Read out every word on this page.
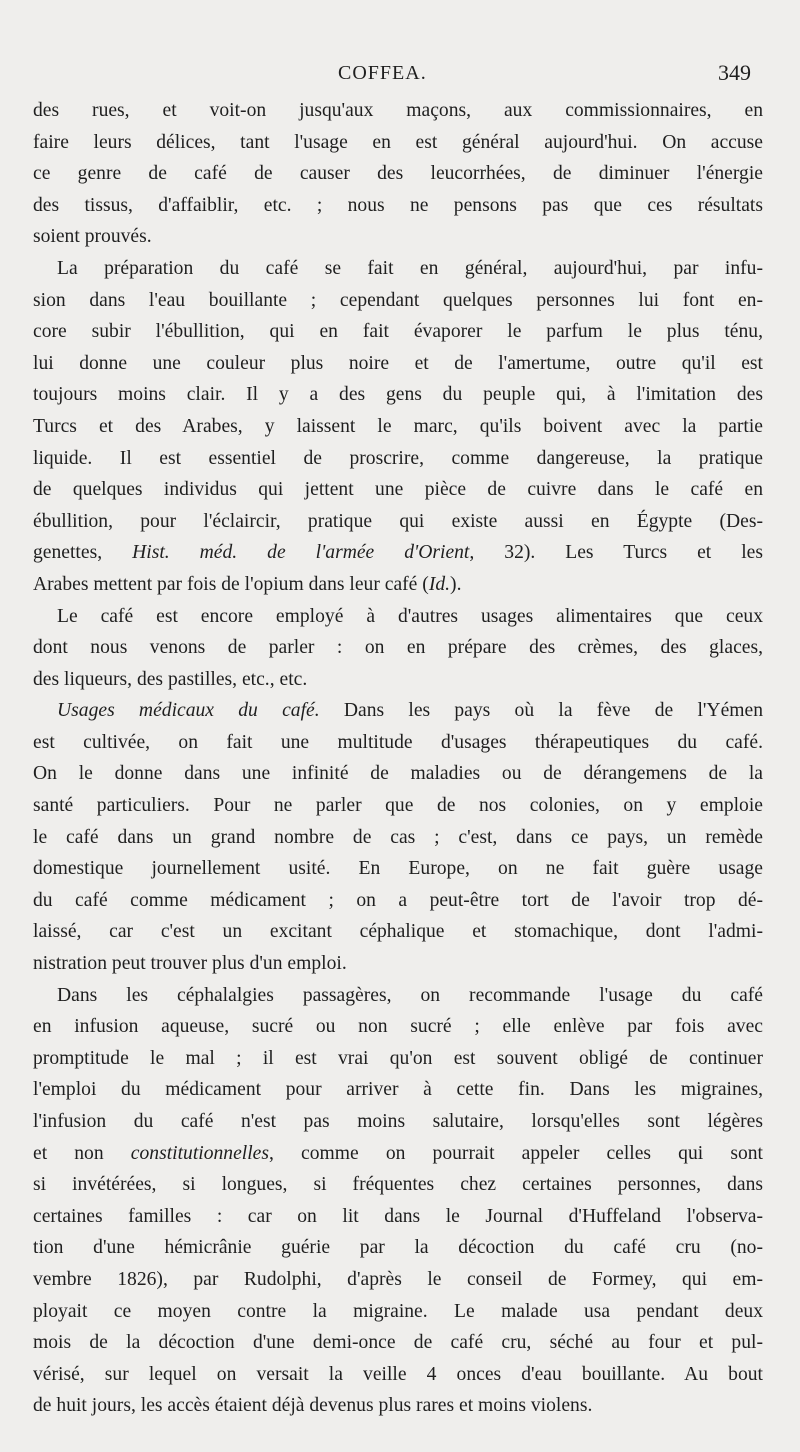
COFFEA.	349
des rues, et voit-on jusqu'aux maçons, aux commissionnaires, en
faire leurs délices, tant l'usage en est général aujourd'hui. On accuse
ce genre de café de causer des leucorrhées, de diminuer l'énergie
des tissus, d'affaiblir, etc. ; nous ne pensons pas que ces résultats
soient prouvés.
La préparation du café se fait en général, aujourd'hui, par infu-
sion dans l'eau bouillante ; cependant quelques personnes lui font en-
core subir l'ébullition, qui en fait évaporer le parfum le plus ténu,
lui donne une couleur plus noire et de l'amertume, outre qu'il est
toujours moins clair. Il y a des gens du peuple qui, à l'imitation des
Turcs et des Arabes, y laissent le marc, qu'ils boivent avec la partie
liquide. Il est essentiel de proscrire, comme dangereuse, la pratique
de quelques individus qui jettent une pièce de cuivre dans le café en
ébullition, pour l'éclaircir, pratique qui existe aussi en Égypte (Des-
genettes, Hist. méd. de l'armée d'Orient, 32). Les Turcs et les
Arabes mettent par fois de l'opium dans leur café (Id.).
Le café est encore employé à d'autres usages alimentaires que ceux
dont nous venons de parler : on en prépare des crèmes, des glaces,
des liqueurs, des pastilles, etc., etc.
Usages médicaux du café. Dans les pays où la fève de l'Yémen
est cultivée, on fait une multitude d'usages thérapeutiques du café.
On le donne dans une infinité de maladies ou de dérangemens de la
santé particuliers. Pour ne parler que de nos colonies, on y emploie
le café dans un grand nombre de cas ; c'est, dans ce pays, un remède
domestique journellement usité. En Europe, on ne fait guère usage
du café comme médicament ; on a peut-être tort de l'avoir trop dé-
laissé, car c'est un excitant céphalique et stomachique, dont l'admi-
nistration peut trouver plus d'un emploi.
Dans les céphalalgies passagères, on recommande l'usage du café
en infusion aqueuse, sucré ou non sucré ; elle enlève par fois avec
promptitude le mal ; il est vrai qu'on est souvent obligé de continuer
l'emploi du médicament pour arriver à cette fin. Dans les migraines,
l'infusion du café n'est pas moins salutaire, lorsqu'elles sont légères
et non constitutionnelles, comme on pourrait appeler celles qui sont
si invétérées, si longues, si fréquentes chez certaines personnes, dans
certaines familles : car on lit dans le Journal d'Huffeland l'observa-
tion d'une hémicrânie guérie par la décoction du café cru (no-
vembre 1826), par Rudolphi, d'après le conseil de Formey, qui em-
ployait ce moyen contre la migraine. Le malade usa pendant deux
mois de la décoction d'une demi-once de café cru, séché au four et pul-
vérisé, sur lequel on versait la veille 4 onces d'eau bouillante. Au bout
de huit jours, les accès étaient déjà devenus plus rares et moins violens.
